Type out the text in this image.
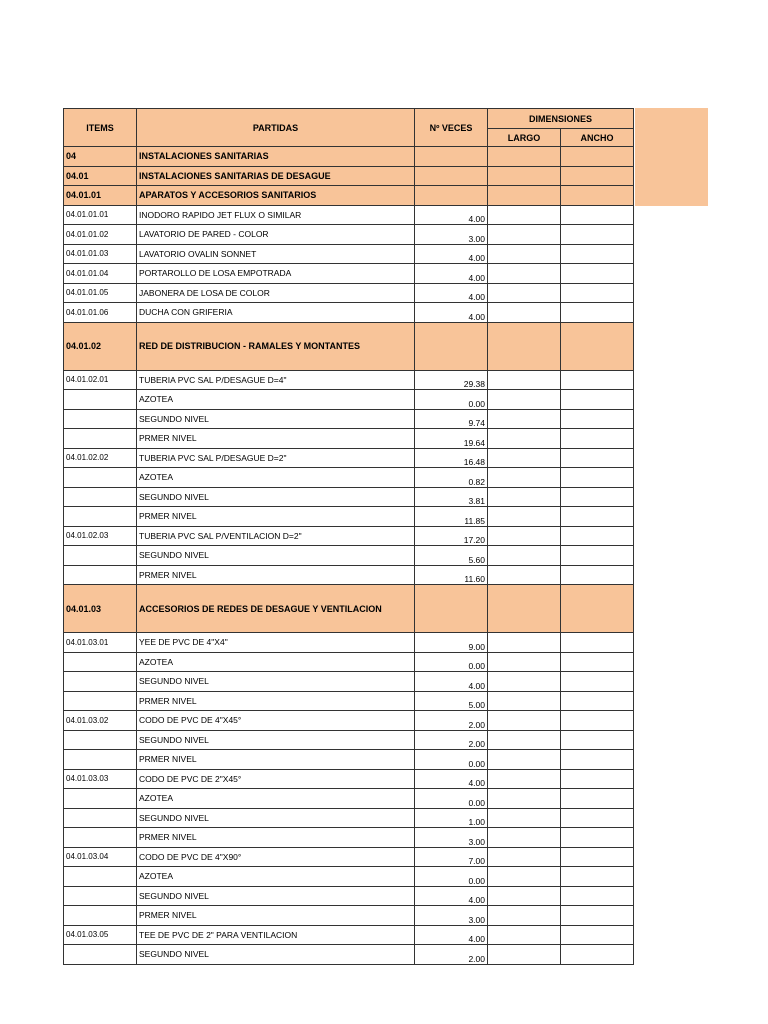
ITEMS	PARTIDAS	Nº VECES	DIMENSIONES	
			LARGO	ANCHO
04	INSTALACIONES SANITARIAS			
04.01	INSTALACIONES SANITARIAS DE DESAGUE			
04.01.01	APARATOS Y ACCESORIOS SANITARIOS			
04.01.01.01	INODORO RAPIDO JET FLUX O SIMILAR	4.00		
04.01.01.02	LAVATORIO DE PARED - COLOR	3.00		
04.01.01.03	LAVATORIO OVALIN SONNET	4.00		
04.01.01.04	PORTAROLLO DE LOSA EMPOTRADA	4.00		
04.01.01.05	JABONERA DE LOSA DE COLOR	4.00		
04.01.01.06	DUCHA CON GRIFERIA	4.00		
04.01.02	RED DE DISTRIBUCION - RAMALES Y MONTANTES			
04.01.02.01	TUBERIA PVC SAL P/DESAGUE D=4"	29.38		
	AZOTEA	0.00		
	SEGUNDO NIVEL	9.74		
	PRMER NIVEL	19.64		
04.01.02.02	TUBERIA PVC SAL P/DESAGUE D=2"	16.48		
	AZOTEA	0.82		
	SEGUNDO NIVEL	3.81		
	PRMER NIVEL	11.85		
04.01.02.03	TUBERIA PVC SAL P/VENTILACION D=2"	17.20		
	SEGUNDO NIVEL	5.60		
	PRMER NIVEL	11.60		
04.01.03	ACCESORIOS DE REDES DE DESAGUE Y VENTILACION			
04.01.03.01	YEE DE PVC DE 4"X4"	9.00		
	AZOTEA	0.00		
	SEGUNDO NIVEL	4.00		
	PRMER NIVEL	5.00		
04.01.03.02	CODO DE PVC DE 4"X45°	2.00		
	SEGUNDO NIVEL	2.00		
	PRMER NIVEL	0.00		
04.01.03.03	CODO DE PVC DE 2"X45°	4.00		
	AZOTEA	0.00		
	SEGUNDO NIVEL	1.00		
	PRMER NIVEL	3.00		
04.01.03.04	CODO DE PVC DE 4"X90°	7.00		
	AZOTEA	0.00		
	SEGUNDO NIVEL	4.00		
	PRMER NIVEL	3.00		
04.01.03.05	TEE DE PVC DE 2" PARA VENTILACION	4.00		
	SEGUNDO NIVEL	2.00		
